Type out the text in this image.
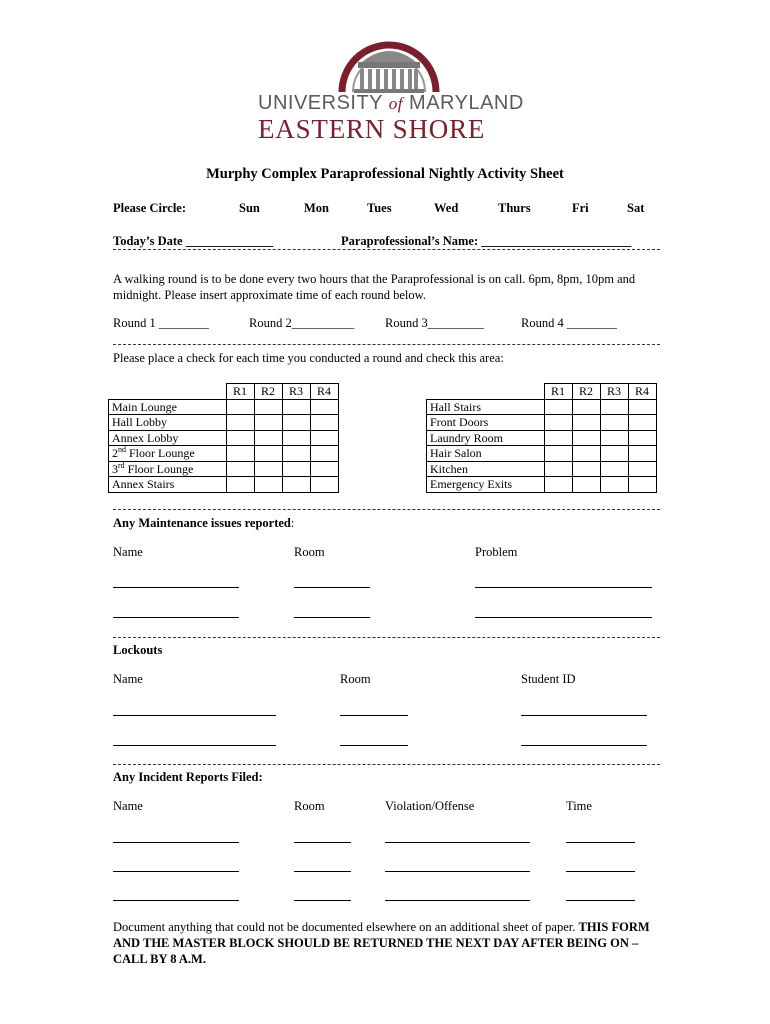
UNIVERSITY of MARYLAND
EASTERN SHORE
Murphy Complex Paraprofessional Nightly Activity Sheet
Please Circle:	Sun	Mon	Tues	Wed	Thurs	Fri	Sat
Today’s Date ______________	Paraprofessional’s Name: ________________________
A walking round is to be done every two hours that the Paraprofessional is on call. 6pm, 8pm, 10pm and midnight. Please insert approximate time of each round below.
Round 1 ________	Round 2__________ Round 3_________	Round 4 ________
Please place a check for each time you conducted a round and check this area:
	R1	R2	R3	R4
Main Lounge				
Hall Lobby				
Annex Lobby				
2nd Floor Lounge				
3rd Floor Lounge				
Annex Stairs				
	R1	R2	R3	R4
Hall Stairs				
Front Doors				
Laundry Room				
Hair Salon				
Kitchen				
Emergency Exits				
Any Maintenance issues reported:
Name	Room	Problem
Lockouts
Name	Room	Student ID
Any Incident Reports Filed:
Name	Room	Violation/Offense	Time
Document anything that could not be documented elsewhere on an additional sheet of paper. THIS FORM AND THE MASTER BLOCK SHOULD BE RETURNED THE NEXT DAY AFTER BEING ON – CALL BY 8 A.M.
